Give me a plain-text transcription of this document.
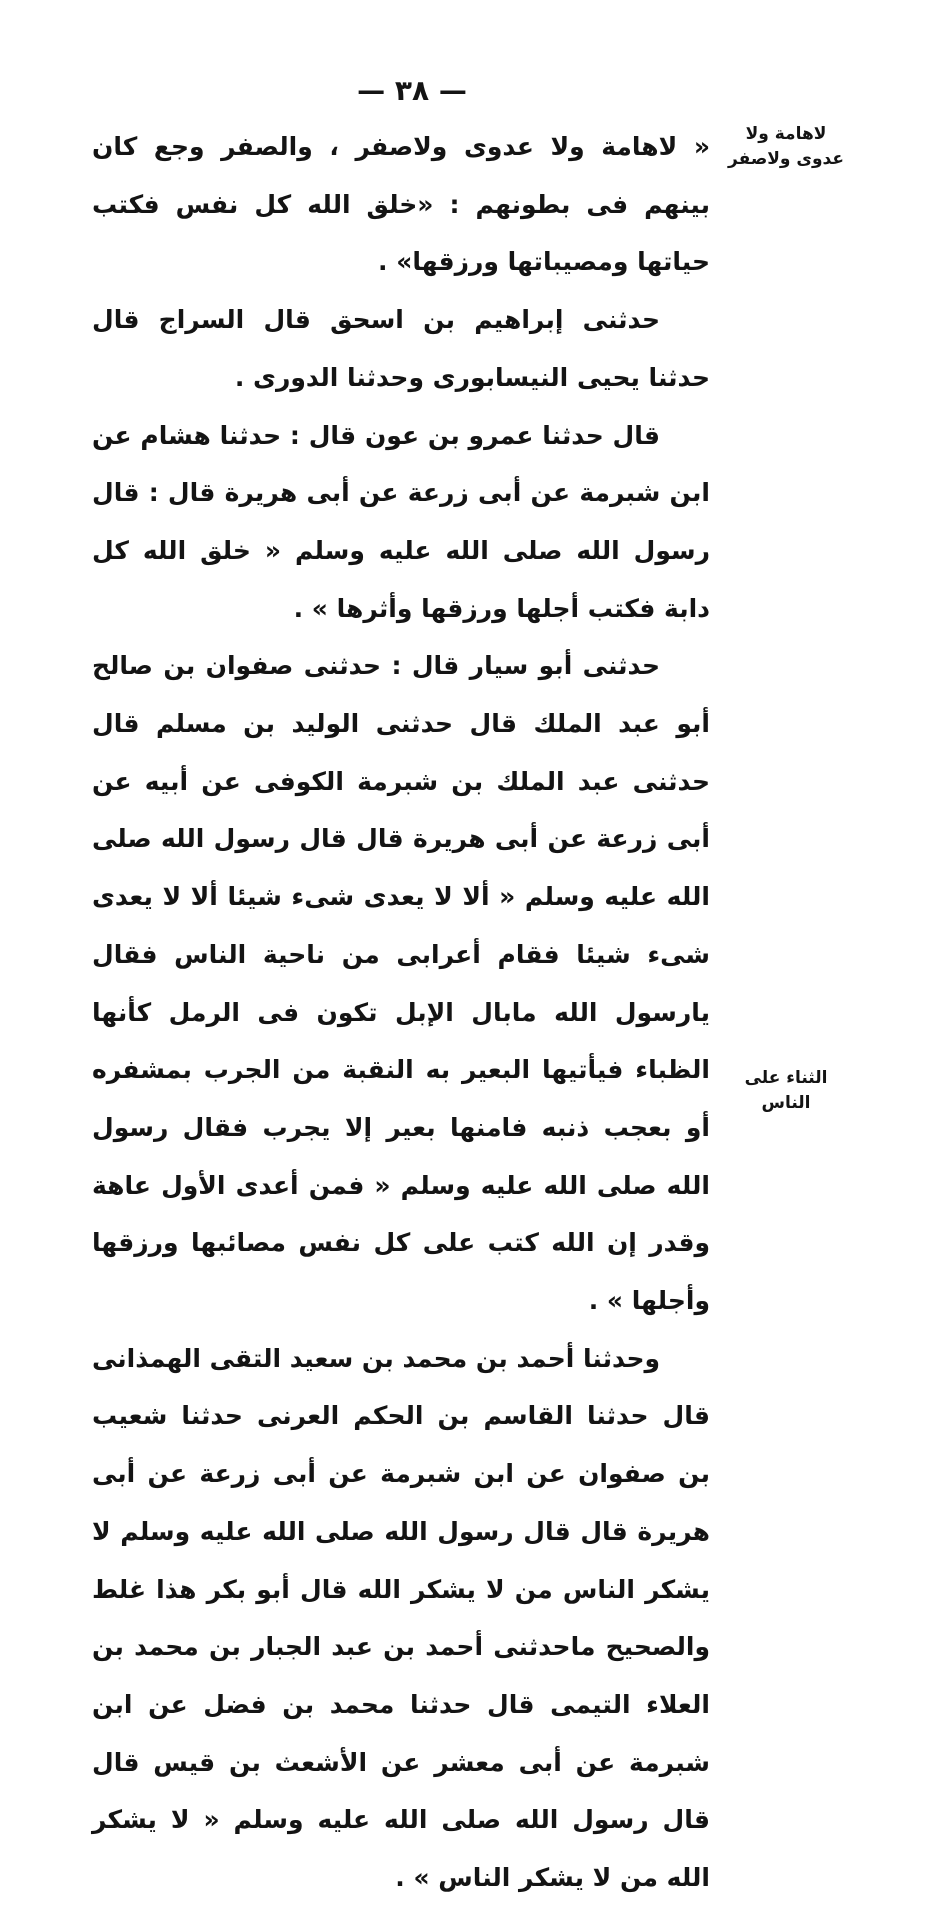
— ٣٨ —
لاهامة ولا عدوى ولاصفر
الثناء على الناس

« لاهامة ولا عدوى ولاصفر ، والصفر وجع كان بينهم فى بطونهم : «خلق الله كل نفس فكتب حياتها ومصيباتها ورزقها» .

حدثنى إبراهيم بن اسحق قال السراج قال حدثنا يحيى النيسابورى وحدثنا الدورى .

قال حدثنا عمرو بن عون قال : حدثنا هشام عن ابن شبرمة عن أبى زرعة عن أبى هريرة قال : قال رسول الله صلى الله عليه وسلم « خلق الله كل دابة فكتب أجلها ورزقها وأثرها » .

حدثنى أبو سيار قال : حدثنى صفوان بن صالح أبو عبد الملك قال حدثنى الوليد بن مسلم قال حدثنى عبد الملك بن شبرمة الكوفى عن أبيه عن أبى زرعة عن أبى هريرة قال قال رسول الله صلى الله عليه وسلم « ألا لا يعدى شىء شيئا ألا لا يعدى شىء شيئا فقام أعرابى من ناحية الناس فقال يارسول الله مابال الإبل تكون فى الرمل كأنها الظباء فيأتيها البعير به النقبة من الجرب بمشفره أو بعجب ذنبه فامنها بعير إلا يجرب فقال رسول الله صلى الله عليه وسلم « فمن أعدى الأول عاهة وقدر إن الله كتب على كل نفس مصائبها ورزقها وأجلها » .

وحدثنا أحمد بن محمد بن سعيد التقى الهمذانى قال حدثنا القاسم بن الحكم العرنى حدثنا شعيب بن صفوان عن ابن شبرمة عن أبى زرعة عن أبى هريرة قال قال رسول الله صلى الله عليه وسلم لا يشكر الناس من لا يشكر الله قال أبو بكر هذا غلط والصحيح ماحدثنى أحمد بن عبد الجبار بن محمد بن العلاء التيمى قال حدثنا محمد بن فضل عن ابن شبرمة عن أبى معشر عن الأشعث بن قيس قال قال رسول الله صلى الله عليه وسلم « لا يشكر الله من لا يشكر الناس » .
